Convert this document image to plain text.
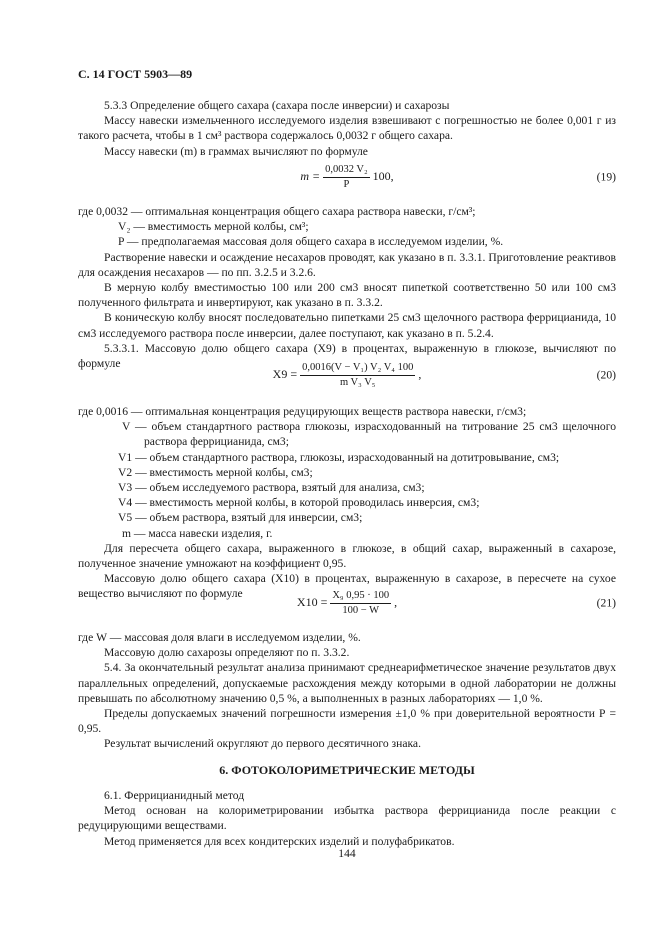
С. 14 ГОСТ 5903—89

5.3.3 Определение общего сахара (сахара после инверсии) и сахарозы

Массу навески измельченного исследуемого изделия взвешивают с погрешностью не более 0,001 г из такого расчета, чтобы в 1 см³ раствора содержалось 0,0032 г общего сахара.

Массу навески (m) в граммах вычисляют по формуле

$m = \frac{\text{0,0032 V₂}}{P} 100$,	(19)

где 0,0032 — оптимальная концентрация общего сахара раствора навески, г/см³;

V₂ — вместимость мерной колбы, см³;

P — предполагаемая массовая доля общего сахара в исследуемом изделии, %.

Растворение навески и осаждение несахаров проводят, как указано в п. 3.3.1. Приготовление реактивов для осаждения несахаров — по пп. 3.2.5 и 3.2.6.

В мерную колбу вместимостью 100 или 200 см3 вносят пипеткой соответственно 50 или 100 см3 полученного фильтрата и инвертируют, как указано в п. 3.3.2.

В коническую колбу вносят последовательно пипетками 25 см3 щелочного раствора феррицианида, 10 см3 исследуемого раствора после инверсии, далее поступают, как указано в п. 5.2.4.

5.3.3.1. Массовую долю общего сахара (Х9) в процентах, выраженную в глюкозе, вычисляют по формуле

$Х9 = \frac{\text{0,0016(V − V₁) V₂ V₄ 100}}{\text{m V₃ V₅}}$ ,	(20)

где 0,0016 — оптимальная концентрация редуцирующих веществ раствора навески, г/см3;

V — объем стандартного раствора глюкозы, израсходованный на титрование 25 см3 щелочного раствора феррицианида, см3;

V1 — объем стандартного раствора, глюкозы, израсходованный на дотитровывание, см3;

V2 — вместимость мерной колбы, см3;

V3 — объем исследуемого раствора, взятый для анализа, см3;

V4 — вместимость мерной колбы, в которой проводилась инверсия, см3;

V5 — объем раствора, взятый для инверсии, см3;

m — масса навески изделия, г.

Для пересчета общего сахара, выраженного в глюкозе, в общий сахар, выраженный в сахарозе, полученное значение умножают на коэффициент 0,95.

Массовую долю общего сахара (Х10) в процентах, выраженную в сахарозе, в пересчете на сухое вещество вычисляют по формуле

$Х10 = \frac{\text{X₉ 0,95 · 100}}{100 - W}$ ,	(21)

где W — массовая доля влаги в исследуемом изделии, %.

Массовую долю сахарозы определяют по п. 3.3.2.

5.4. За окончательный результат анализа принимают среднеарифметическое значение результатов двух параллельных определений, допускаемые расхождения между которыми в одной лаборатории не должны превышать по абсолютному значению 0,5 %, а выполненных в разных лабораториях — 1,0 %.

Пределы допускаемых значений погрешности измерения ±1,0 % при доверительной вероятности Р = 0,95.

Результат вычислений округляют до первого десятичного знака.

6. ФОТОКОЛОРИМЕТРИЧЕСКИЕ МЕТОДЫ

6.1. Феррицианидный метод

Метод основан на колориметрировании избытка раствора феррицианида после реакции с редуцирующими веществами.

Метод применяется для всех кондитерских изделий и полуфабрикатов.

144
